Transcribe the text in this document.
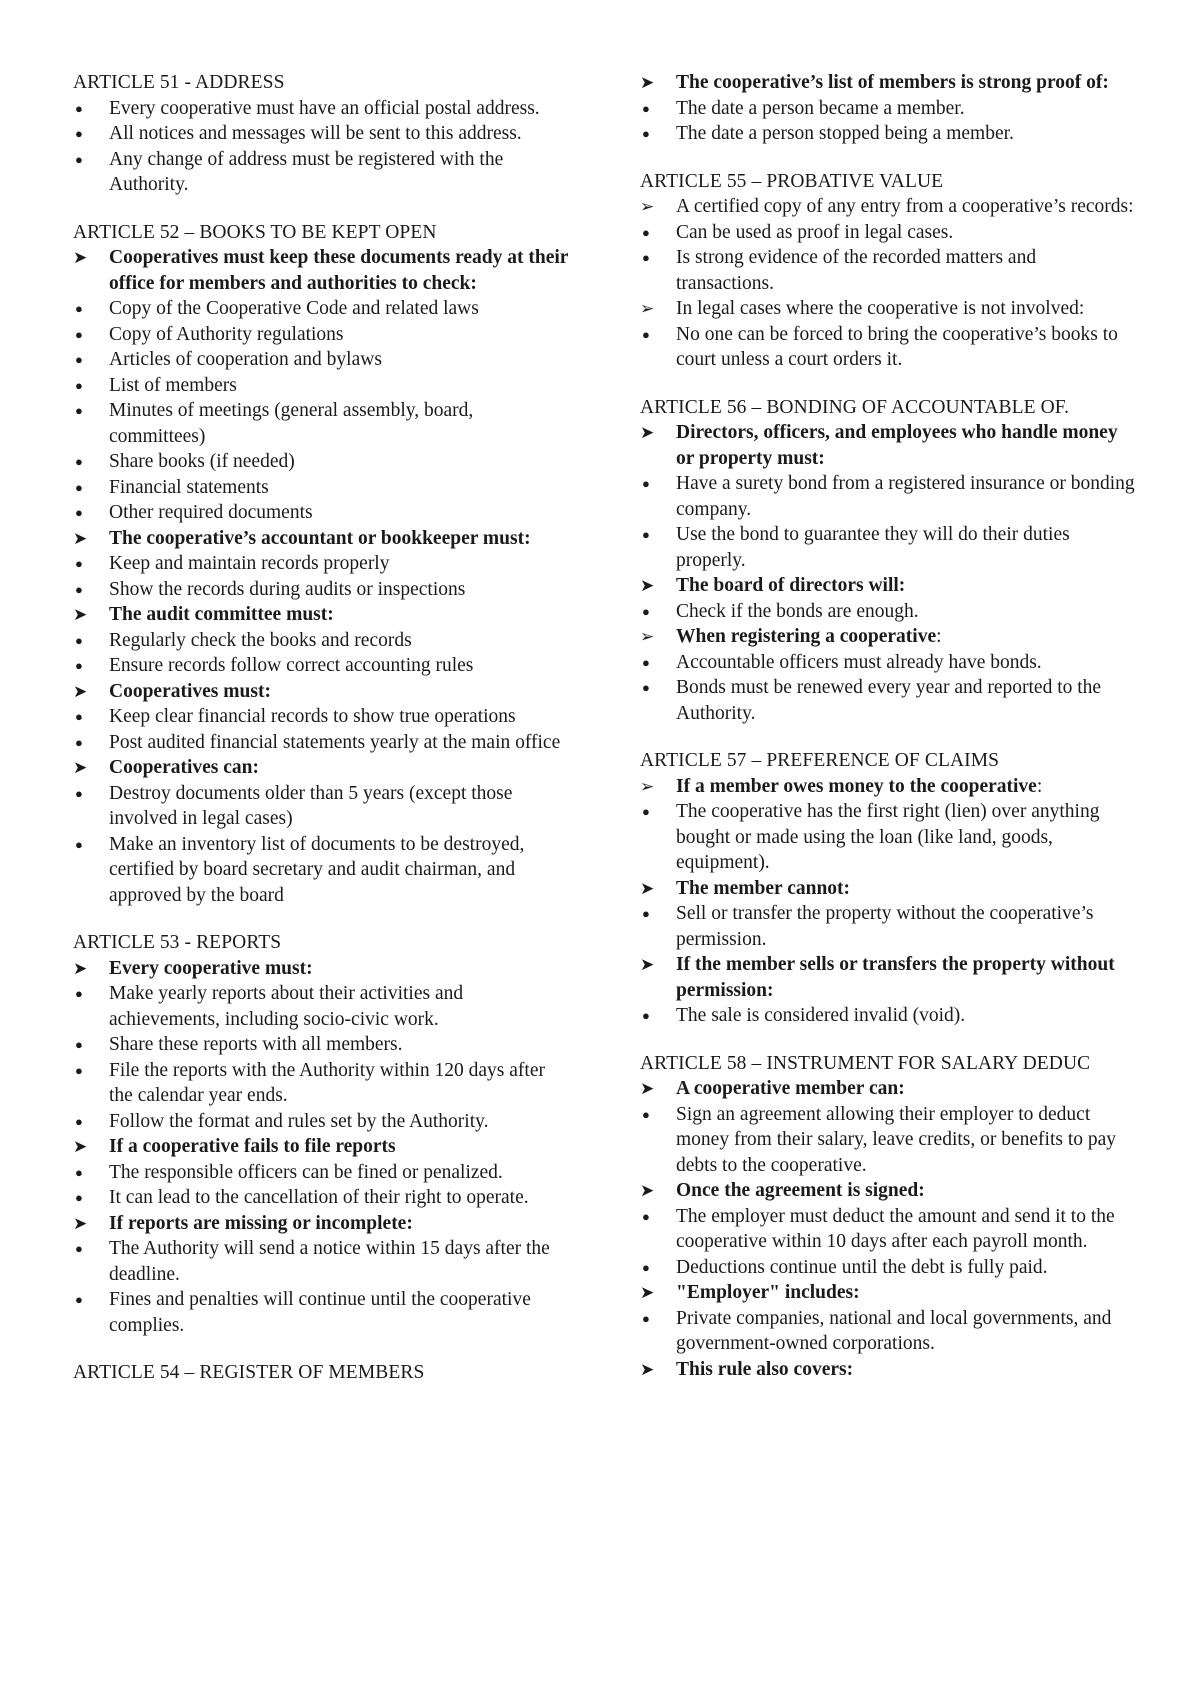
ARTICLE 51 - ADDRESS
●	Every cooperative must have an official postal address.
●	All notices and messages will be sent to this address.
●	Any change of address must be registered with the Authority.
ARTICLE 52 – BOOKS TO BE KEPT OPEN
➤	Cooperatives must keep these documents ready at their office for members and authorities to check:
●	Copy of the Cooperative Code and related laws
●	Copy of Authority regulations
●	Articles of cooperation and bylaws
●	List of members
●	Minutes of meetings (general assembly, board, committees)
●	Share books (if needed)
●	Financial statements
●	Other required documents
➤	The cooperative’s accountant or bookkeeper must:
●	Keep and maintain records properly
●	Show the records during audits or inspections
➤	The audit committee must:
●	Regularly check the books and records
●	Ensure records follow correct accounting rules
➤	Cooperatives must:
●	Keep clear financial records to show true operations
●	Post audited financial statements yearly at the main office
➤	Cooperatives can:
●	Destroy documents older than 5 years (except those involved in legal cases)
●	Make an inventory list of documents to be destroyed, certified by board secretary and audit chairman, and approved by the board
ARTICLE 53 - REPORTS
➤	Every cooperative must:
●	Make yearly reports about their activities and achievements, including socio-civic work.
●	Share these reports with all members.
●	File the reports with the Authority within 120 days after the calendar year ends.
●	Follow the format and rules set by the Authority.
➤	If a cooperative fails to file reports
●	The responsible officers can be fined or penalized.
●	It can lead to the cancellation of their right to operate.
➤	If reports are missing or incomplete:
●	The Authority will send a notice within 15 days after the deadline.
●	Fines and penalties will continue until the cooperative complies.
ARTICLE 54 – REGISTER OF MEMBERS
➤	The cooperative’s list of members is strong proof of:
●	The date a person became a member.
●	The date a person stopped being a member.
ARTICLE 55 – PROBATIVE VALUE
➢	A certified copy of any entry from a cooperative’s records:
●	Can be used as proof in legal cases.
●	Is strong evidence of the recorded matters and transactions.
➢	In legal cases where the cooperative is not involved:
●	No one can be forced to bring the cooperative’s books to court unless a court orders it.
ARTICLE 56 – BONDING OF ACCOUNTABLE OF.
➤	Directors, officers, and employees who handle money or property must:
●	Have a surety bond from a registered insurance or bonding company.
●	Use the bond to guarantee they will do their duties properly.
➤	The board of directors will:
●	Check if the bonds are enough.
➢	When registering a cooperative:
●	Accountable officers must already have bonds.
●	Bonds must be renewed every year and reported to the Authority.
ARTICLE 57 – PREFERENCE OF CLAIMS
➢	If a member owes money to the cooperative:
●	The cooperative has the first right (lien) over anything bought or made using the loan (like land, goods, equipment).
➤	The member cannot:
●	Sell or transfer the property without the cooperative’s permission.
➤	If the member sells or transfers the property without permission:
●	The sale is considered invalid (void).
ARTICLE 58 – INSTRUMENT FOR SALARY DEDUC
➤	A cooperative member can:
●	Sign an agreement allowing their employer to deduct money from their salary, leave credits, or benefits to pay debts to the cooperative.
➤	Once the agreement is signed:
●	The employer must deduct the amount and send it to the cooperative within 10 days after each payroll month.
●	Deductions continue until the debt is fully paid.
➤	"Employer" includes:
●	Private companies, national and local governments, and government-owned corporations.
➤	This rule also covers:
